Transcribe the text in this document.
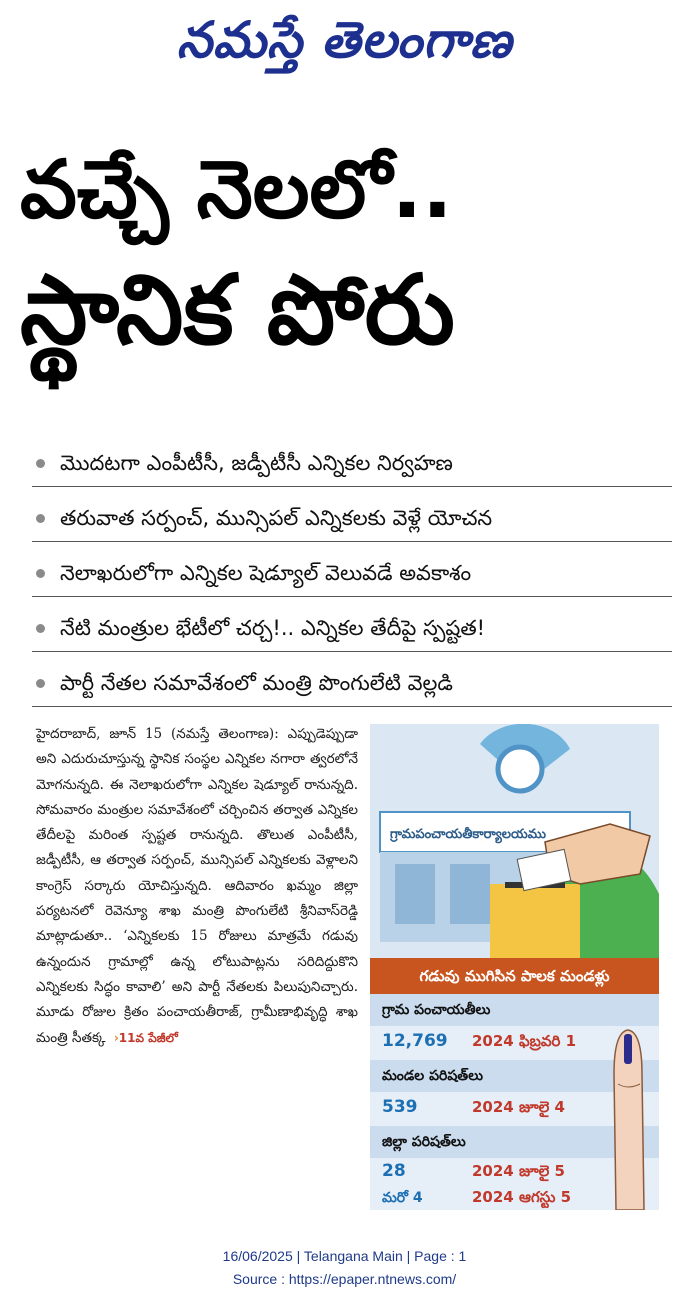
నమస్తే తెలంగాణ
వచ్చే నెలలో..
స్థానిక పోరు
మొదటగా ఎంపీటీసీ, జడ్పీటీసీ ఎన్నికల నిర్వహణ
తరువాత సర్పంచ్, మున్సిపల్ ఎన్నికలకు వెళ్లే యోచన
నెలాఖరులోగా ఎన్నికల షెడ్యూల్ వెలువడే అవకాశం
నేటి మంత్రుల భేటీలో చర్చ!.. ఎన్నికల తేదీపై స్పష్టత!
పార్టీ నేతల సమావేశంలో మంత్రి పొంగులేటి వెల్లడి
హైదరాబాద్, జూన్ 15 (నమస్తే తెలంగాణ): ఎప్పుడెప్పుడా అని ఎదురుచూస్తున్న స్థానిక సంస్థల ఎన్నికల నగారా త్వరలోనే మోగనున్నది. ఈ నెలాఖరులోగా ఎన్నికల షెడ్యూల్ రానున్నది. సోమవారం మంత్రుల సమావేశంలో చర్చించిన తర్వాత ఎన్నికల తేదీలపై మరింత స్పష్టత రానున్నది. తొలుత ఎంపీటీసీ, జడ్పీటీసీ, ఆ తర్వాత సర్పంచ్, మున్సిపల్ ఎన్నికలకు వెళ్లాలని కాంగ్రెస్ సర్కారు యోచిస్తున్నది. ఆదివారం ఖమ్మం జిల్లా పర్యటనలో రెవెన్యూ శాఖ మంత్రి పొంగులేటి శ్రీనివాస్‌రెడ్డి మాట్లాడుతూ.. ‘ఎన్నికలకు 15 రోజులు మాత్రమే గడువు ఉన్నందున గ్రామాల్లో ఉన్న లోటుపాట్లను సరిదిద్దుకొని ఎన్నికలకు సిద్ధం కావాలి’ అని పార్టీ నేతలకు పిలుపునిచ్చారు. మూడు రోజుల క్రితం పంచాయతీరాజ్, గ్రామీణాభివృద్ధి శాఖ మంత్రి సీతక్క ›11వ పేజీలో
గ్రామపంచాయతీకార్యాలయము
గడువు ముగిసిన పాలక మండళ్లు
గ్రామ పంచాయతీలు
12,769 2024 ఫిబ్రవరి 1
మండల పరిషత్‌లు
539	2024 జూలై 4
జిల్లా పరిషత్‌లు
28	2024 జూలై 5
మరో 4	2024 ఆగస్టు 5
16/06/2025 | Telangana Main | Page : 1
Source : https://epaper.ntnews.com/
